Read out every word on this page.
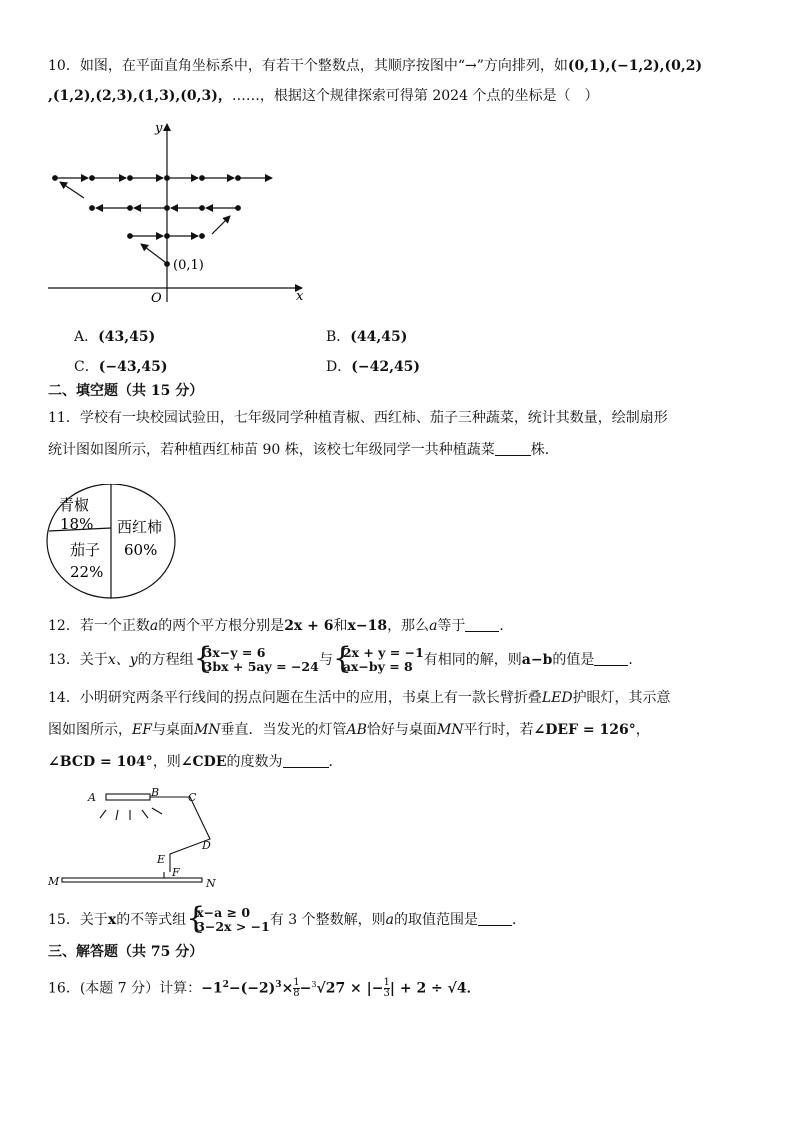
10．如图，在平面直角坐标系中，有若干个整数点，其顺序按图中“→”方向排列，如(0,1),(−1,2),(0,2)
,(1,2),(2,3),(1,3),(0,3)，……，根据这个规律探索可得第 2024 个点的坐标是（　）
y
x
O
(0,1)
A．(43,45)	B．(44,45)
C．(−43,45)	D．(−42,45)
二、填空题（共 15 分）
11．学校有一块校园试验田，七年级同学种植青椒、西红柿、茄子三种蔬菜，统计其数量，绘制扇形
统计图如图所示，若种植西红柿苗 90 株，该校七年级同学一共种植蔬菜	株．
青椒
18% 西红柿
60%
茄子
22%
12．若一个正数a的两个平方根分别是2x + 6和x−18，那么a等于 ．
13．关于x、y的方程组 {
3x−y = 6
3bx + 5ay = −24 与 {
2x + y = −1
ax−by = 8 有相同的解，则a−b的值是 ．
14．小明研究两条平行线间的拐点问题在生活中的应用，书桌上有一款长臂折叠LED护眼灯，其示意
图如图所示，EF与桌面MN垂直．当发光的灯管AB恰好与桌面MN平行时，若∠DEF = 126°，
∠BCD = 104°，则∠CDE的度数为	．
A	B	C
D
E
F
M	N
15．关于x的不等式组 {
x−a ≥ 0
3−2x > −1 有 3 个整数解，则a的取值范围是 ．
三、解答题（共 75 分）
16．(本题 7 分）计算：$-1^2-(-2)^3\times \frac{1}{8} -^3√27$ × |− $\frac{1}{3}$ | + 2 ÷ √4．
